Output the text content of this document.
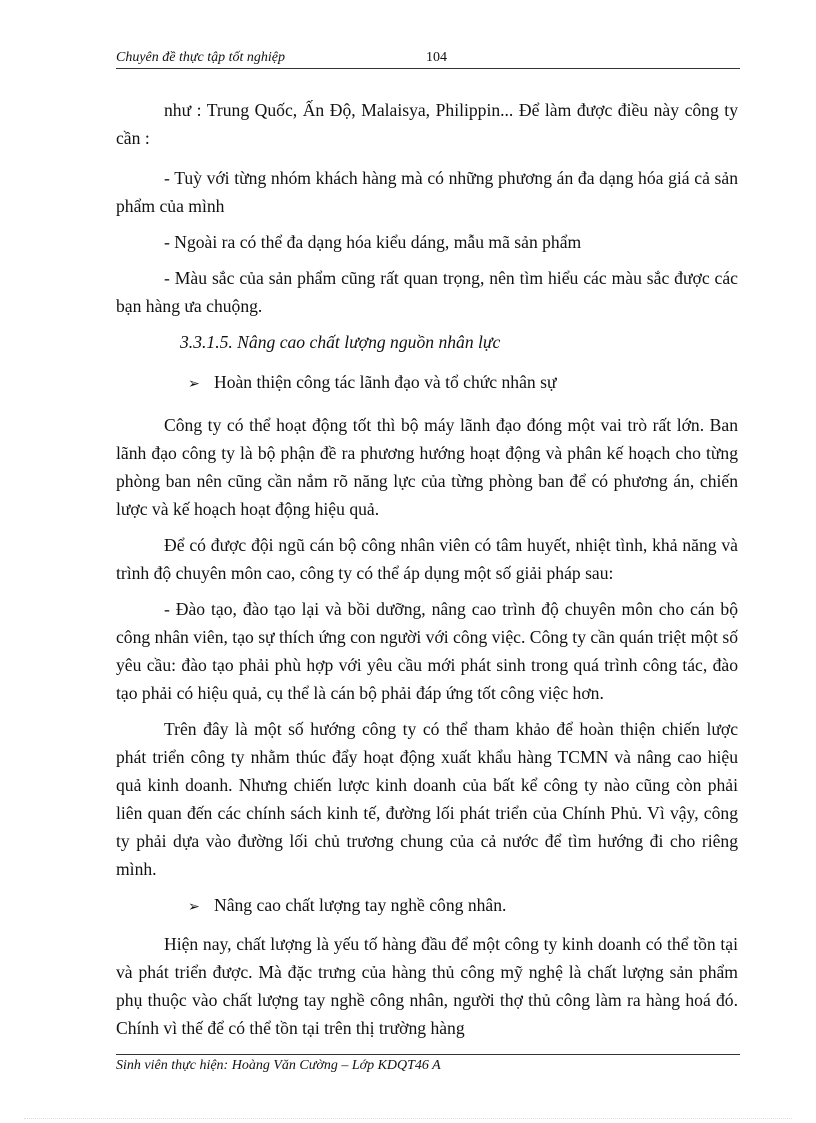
Chuyên đề thực tập tốt nghiệp	104

như : Trung Quốc, Ấn Độ, Malaisya, Philippin... Để làm được điều này công ty cần :

- Tuỳ với từng nhóm khách hàng mà có những phương án đa dạng hóa giá cả sản phẩm của mình

- Ngoài ra có thể đa dạng hóa kiểu dáng, mẫu mã sản phẩm

- Màu sắc của sản phẩm cũng rất quan trọng, nên tìm hiểu các màu sắc được các bạn hàng ưa chuộng.

3.3.1.5. Nâng cao chất lượng nguồn nhân lực

➢ Hoàn thiện công tác lãnh đạo và tổ chức nhân sự

Công ty có thể hoạt động tốt thì bộ máy lãnh đạo đóng một vai trò rất lớn. Ban lãnh đạo công ty là bộ phận đề ra phương hướng hoạt động và phân kế hoạch cho từng phòng ban nên cũng cần nắm rõ năng lực của từng phòng ban để có phương án, chiến lược và kế hoạch hoạt động hiệu quả.

Để có được đội ngũ cán bộ công nhân viên có tâm huyết, nhiệt tình, khả năng và trình độ chuyên môn cao, công ty có thể áp dụng một số giải pháp sau:

- Đào tạo, đào tạo lại và bồi dưỡng, nâng cao trình độ chuyên môn cho cán bộ công nhân viên, tạo sự thích ứng con người với công việc. Công ty cần quán triệt một số yêu cầu: đào tạo phải phù hợp với yêu cầu mới phát sinh trong quá trình công tác, đào tạo phải có hiệu quả, cụ thể là cán bộ phải đáp ứng tốt công việc hơn.

Trên đây là một số hướng công ty có thể tham khảo để hoàn thiện chiến lược phát triển công ty nhằm thúc đẩy hoạt động xuất khẩu hàng TCMN và nâng cao hiệu quả kinh doanh. Nhưng chiến lược kinh doanh của bất kể công ty nào cũng còn phải liên quan đến các chính sách kinh tế, đường lối phát triển của Chính Phủ. Vì vậy, công ty phải dựa vào đường lối chủ trương chung của cả nước để tìm hướng đi cho riêng mình.

➢ Nâng cao chất lượng tay nghề công nhân.

Hiện nay, chất lượng là yếu tố hàng đầu để một công ty kinh doanh có thể tồn tại và phát triển được. Mà đặc trưng của hàng thủ công mỹ nghệ là chất lượng sản phẩm phụ thuộc vào chất lượng tay nghề công nhân, người thợ thủ công làm ra hàng hoá đó. Chính vì thế để có thể tồn tại trên thị trường hàng

Sinh viên thực hiện: Hoàng Văn Cường – Lớp KDQT46 A
